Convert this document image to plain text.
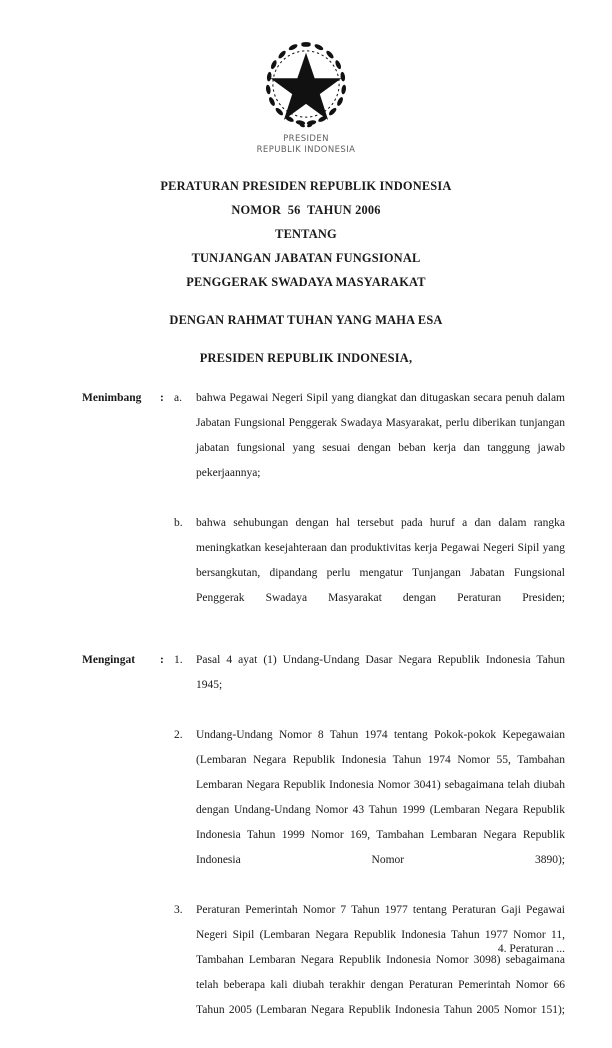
PRESIDEN
REPUBLIK INDONESIA
PERATURAN PRESIDEN REPUBLIK INDONESIA
NOMOR  56  TAHUN 2006
TENTANG
TUNJANGAN JABATAN FUNGSIONAL
PENGGERAK SWADAYA MASYARAKAT
DENGAN RAHMAT TUHAN YANG MAHA ESA
PRESIDEN REPUBLIK INDONESIA,
Menimbang	: a.	bahwa Pegawai Negeri Sipil yang diangkat dan ditugaskan secara penuh dalam Jabatan Fungsional Penggerak Swadaya Masyarakat, perlu diberikan tunjangan jabatan fungsional yang sesuai dengan beban kerja dan tanggung jawab pekerjaannya;
b.	bahwa sehubungan dengan hal tersebut pada huruf a dan dalam rangka meningkatkan kesejahteraan dan produktivitas kerja Pegawai Negeri Sipil yang bersangkutan, dipandang perlu mengatur Tunjangan Jabatan Fungsional Penggerak Swadaya Masyarakat dengan Peraturan Presiden;
Mengingat	: 1.	Pasal 4 ayat (1) Undang-Undang Dasar Negara Republik Indonesia Tahun 1945;
2.	Undang-Undang Nomor 8 Tahun 1974 tentang Pokok-pokok Kepegawaian (Lembaran Negara Republik Indonesia Tahun 1974 Nomor 55, Tambahan Lembaran Negara Republik Indonesia Nomor 3041) sebagaimana telah diubah dengan Undang-Undang Nomor 43 Tahun 1999 (Lembaran Negara Republik Indonesia Tahun 1999 Nomor 169, Tambahan Lembaran Negara Republik Indonesia Nomor 3890);
3.	Peraturan Pemerintah Nomor 7 Tahun 1977 tentang Peraturan Gaji Pegawai Negeri Sipil (Lembaran Negara Republik Indonesia Tahun 1977 Nomor 11, Tambahan Lembaran Negara Republik Indonesia Nomor 3098) sebagaimana telah beberapa kali diubah terakhir dengan Peraturan Pemerintah Nomor 66 Tahun 2005 (Lembaran Negara Republik Indonesia Tahun 2005 Nomor 151);
4. Peraturan ...
